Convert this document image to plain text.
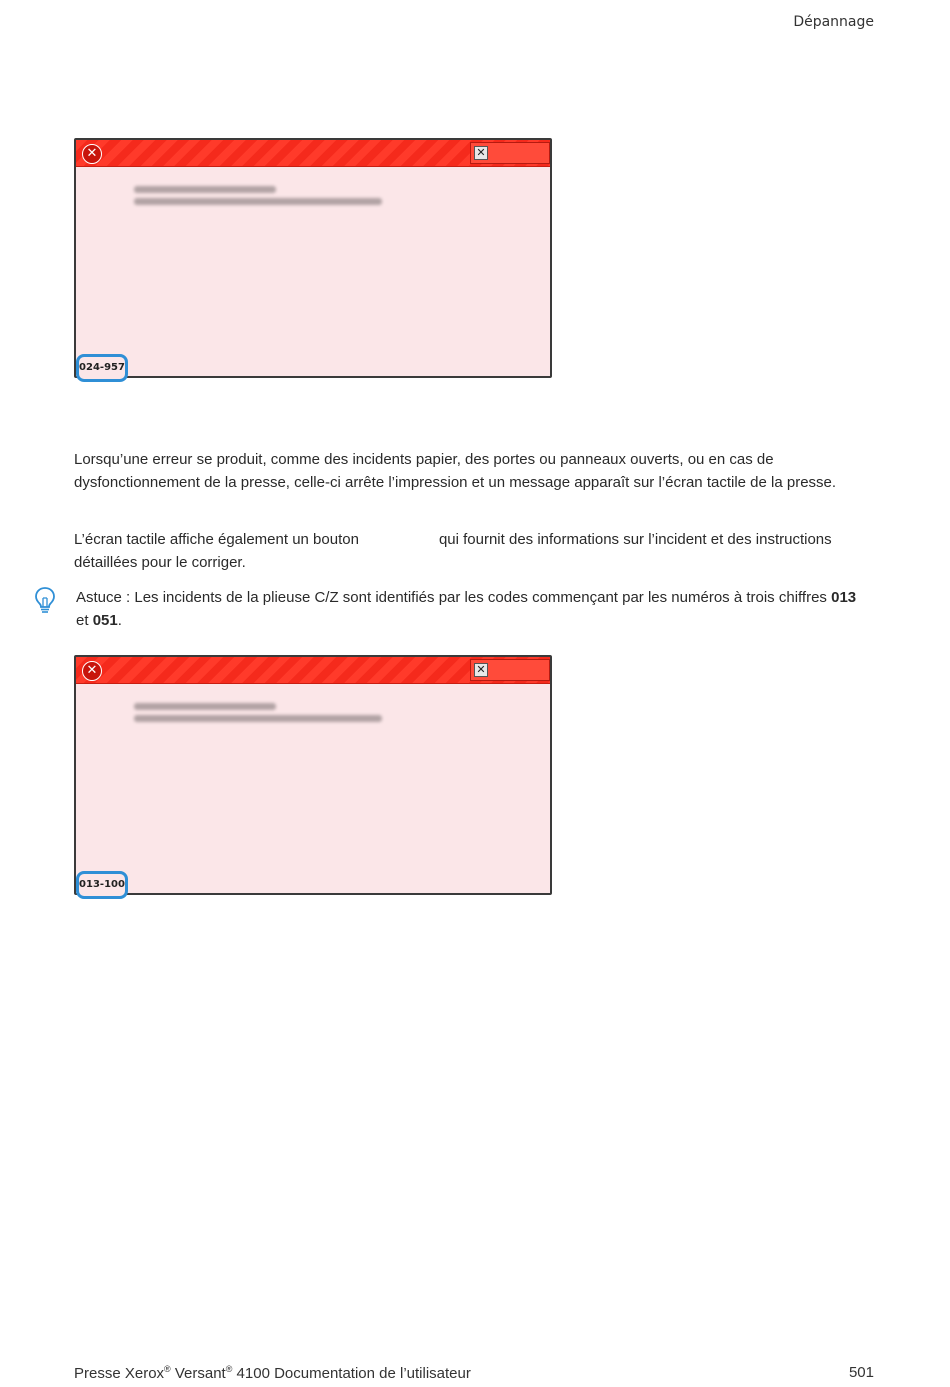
Dépannage
✕	✕
024-957
Lorsqu’une erreur se produit, comme des incidents papier, des portes ou panneaux ouverts, ou en cas de dysfonctionnement de la presse, celle-ci arrête l’impression et un message apparaît sur l’écran tactile de la presse.
L’écran tactile affiche également un bouton	qui fournit des informations sur l’incident et des instructions détaillées pour le corriger.
Astuce : Les incidents de la plieuse C/Z sont identifiés par les codes commençant par les numéros à trois chiffres 013 et 051.
✕	✕
013-100
Presse Xerox® Versant® 4100 Documentation de l’utilisateur	501
